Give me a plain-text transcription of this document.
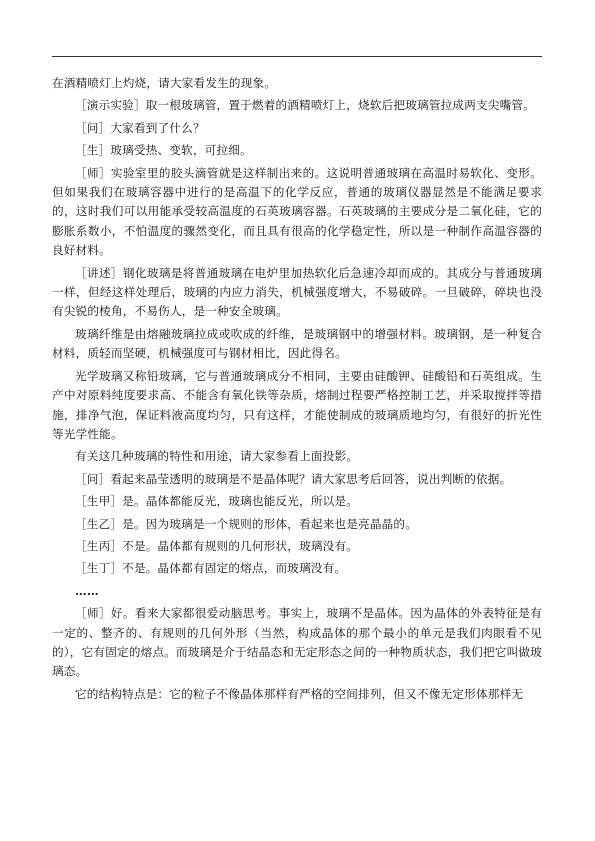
在酒精喷灯上灼烧，请大家看发生的现象。

［演示实验］取一根玻璃管，置于燃着的酒精喷灯上，烧软后把玻璃管拉成两支尖嘴管。

［问］大家看到了什么？

［生］玻璃受热、变软，可拉细。

［师］实验室里的胶头滴管就是这样制出来的。这说明普通玻璃在高温时易软化、变形。但如果我们在玻璃容器中进行的是高温下的化学反应，普通的玻璃仪器显然是不能满足要求的，这时我们可以用能承受较高温度的石英玻璃容器。石英玻璃的主要成分是二氧化硅，它的膨胀系数小，不怕温度的骤然变化，而且具有很高的化学稳定性，所以是一种制作高温容器的良好材料。

［讲述］钢化玻璃是将普通玻璃在电炉里加热软化后急速冷却而成的。其成分与普通玻璃一样，但经这样处理后，玻璃的内应力消失，机械强度增大，不易破碎。一旦破碎，碎块也没有尖锐的棱角，不易伤人，是一种安全玻璃。

玻璃纤维是由熔融玻璃拉成或吹成的纤维，是玻璃钢中的增强材料。玻璃钢，是一种复合材料，质轻而坚硬，机械强度可与钢材相比，因此得名。

光学玻璃又称铅玻璃，它与普通玻璃成分不相同，主要由硅酸钾、硅酸铅和石英组成。生产中对原料纯度要求高、不能含有氧化铁等杂质，熔制过程要严格控制工艺，并采取搅拌等措施，排净气泡，保证料液高度均匀，只有这样，才能使制成的玻璃质地均匀，有很好的折光性等光学性能。

有关这几种玻璃的特性和用途，请大家参看上面投影。

［问］看起来晶莹透明的玻璃是不是晶体呢？请大家思考后回答，说出判断的依据。

［生甲］是。晶体都能反光，玻璃也能反光，所以是。

［生乙］是。因为玻璃是一个规则的形体，看起来也是亮晶晶的。

［生丙］不是。晶体都有规则的几何形状，玻璃没有。

［生丁］不是。晶体都有固定的熔点，而玻璃没有。

……

［师］好。看来大家都很爱动脑思考。事实上，玻璃不是晶体。因为晶体的外表特征是有一定的、整齐的、有规则的几何外形（当然，构成晶体的那个最小的单元是我们肉眼看不见的），它有固定的熔点。而玻璃是介于结晶态和无定形态之间的一种物质状态，我们把它叫做玻璃态。

它的结构特点是：它的粒子不像晶体那样有严格的空间排列，但又不像无定形体那样无
